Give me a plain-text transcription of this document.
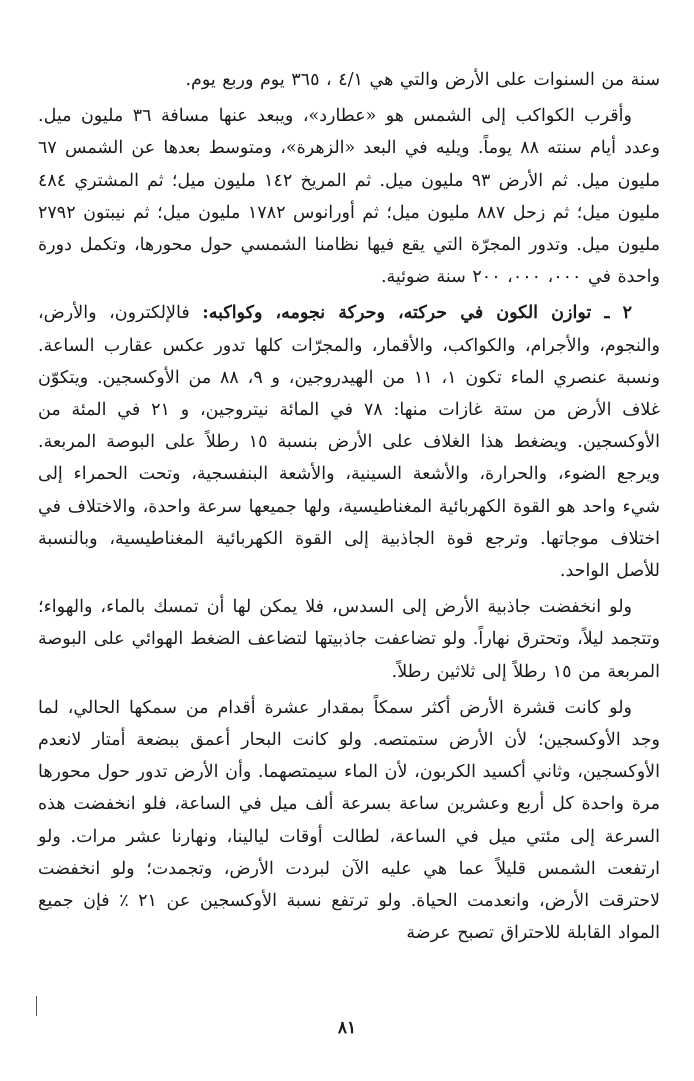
سنة من السنوات على الأرض والتي هي ٤/١ ، ٣٦٥ يوم وربع يوم.

وأقرب الكواكب إلى الشمس هو «عطارد»، ويبعد عنها مسافة ٣٦ مليون ميل. وعدد أيام سنته ٨٨ يوماً. ويليه في البعد «الزهرة»، ومتوسط بعدها عن الشمس ٦٧ مليون ميل. ثم الأرض ٩٣ مليون ميل. ثم المريخ ١٤٢ مليون ميل؛ ثم المشتري ٤٨٤ مليون ميل؛ ثم زحل ٨٨٧ مليون ميل؛ ثم أورانوس ١٧٨٢ مليون ميل؛ ثم نيبتون ٢٧٩٢ مليون ميل. وتدور المجرّة التي يقع فيها نظامنا الشمسي حول محورها، وتكمل دورة واحدة في ٠٠٠، ٠٠٠، ٢٠٠ سنة ضوئية.

٢ ـ توازن الكون في حركته، وحركة نجومه، وكواكبه: فالإلكترون، والأرض، والنجوم، والأجرام، والكواكب، والأقمار، والمجرّات كلها تدور عكس عقارب الساعة. ونسبة عنصري الماء تكون ١، ١١ من الهيدروجين، و ٩، ٨٨ من الأوكسجين. ويتكوّن غلاف الأرض من ستة غازات منها: ٧٨ في المائة نيتروجين، و ٢١ في المئة من الأوكسجين. ويضغط هذا الغلاف على الأرض بنسبة ١٥ رطلاً على البوصة المربعة. ويرجع الضوء، والحرارة، والأشعة السينية، والأشعة البنفسجية، وتحت الحمراء إلى شيء واحد هو القوة الكهربائية المغناطيسية، ولها جميعها سرعة واحدة، والاختلاف في اختلاف موجاتها. وترجع قوة الجاذبية إلى القوة الكهربائية المغناطيسية، وبالنسبة للأصل الواحد.

ولو انخفضت جاذبية الأرض إلى السدس، فلا يمكن لها أن تمسك بالماء، والهواء؛ وتتجمد ليلاً، وتحترق نهاراً. ولو تضاعفت جاذبيتها لتضاعف الضغط الهوائي على البوصة المربعة من ١٥ رطلاً إلى ثلاثين رطلاً.

ولو كانت قشرة الأرض أكثر سمكاً بمقدار عشرة أقدام من سمكها الحالي، لما وجد الأوكسجين؛ لأن الأرض ستمتصه. ولو كانت البحار أعمق ببضعة أمتار لانعدم الأوكسجين، وثاني أكسيد الكربون، لأن الماء سيمتصهما. وأن الأرض تدور حول محورها مرة واحدة كل أربع وعشرين ساعة بسرعة ألف ميل في الساعة، فلو انخفضت هذه السرعة إلى مئتي ميل في الساعة، لطالت أوقات ليالينا، ونهارنا عشر مرات. ولو ارتفعت الشمس قليلاً عما هي عليه الآن لبردت الأرض، وتجمدت؛ ولو انخفضت لاحترقت الأرض، وانعدمت الحياة. ولو ترتفع نسبة الأوكسجين عن ٢١ ٪ فإن جميع المواد القابلة للاحتراق تصبح عرضة

٨١
